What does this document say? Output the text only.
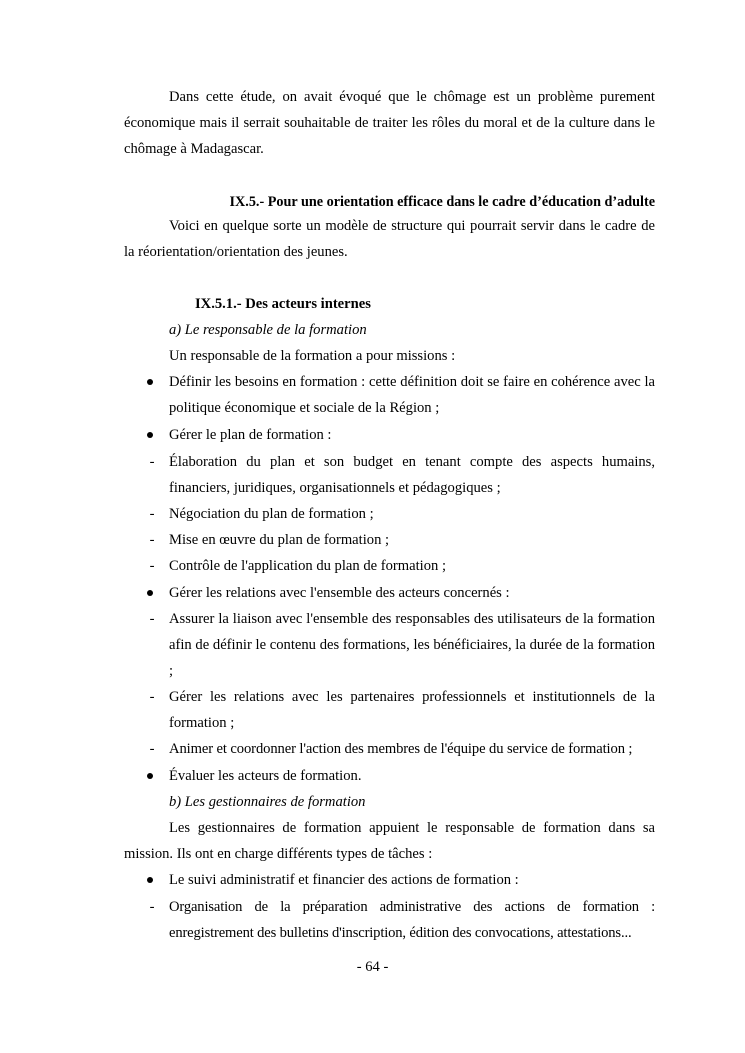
Dans cette étude, on avait évoqué que le chômage est un problème purement économique mais il serrait souhaitable de traiter les rôles du moral et de la culture dans le chômage à Madagascar.

IX.5.- Pour une orientation efficace dans le cadre d’éducation d’adulte

Voici en quelque sorte un modèle de structure qui pourrait servir dans le cadre de la réorientation/orientation des jeunes.

IX.5.1.- Des acteurs internes
a) Le responsable de la formation

Un responsable de la formation a pour missions :

Définir les besoins en formation : cette définition doit se faire en cohérence avec la politique économique et sociale de la Région ;
Gérer le plan de formation :
- Élaboration du plan et son budget en tenant compte des aspects humains, financiers, juridiques, organisationnels et pédagogiques ;
- Négociation du plan de formation ;
- Mise en œuvre du plan de formation ;
- Contrôle de l'application du plan de formation ;
Gérer les relations avec l'ensemble des acteurs concernés :
- Assurer la liaison avec l'ensemble des responsables des utilisateurs de la formation afin de définir le contenu des formations, les bénéficiaires, la durée de la formation ;
- Gérer les relations avec les partenaires professionnels et institutionnels de la formation ;
- Animer et coordonner l'action des membres de l'équipe du service de formation ;
Évaluer les acteurs de formation.
b) Les gestionnaires de formation

Les gestionnaires de formation appuient le responsable de formation dans sa mission. Ils ont en charge différents types de tâches :

Le suivi administratif et financier des actions de formation :
- Organisation de la préparation administrative des actions de formation : enregistrement des bulletins d'inscription, édition des convocations, attestations...
- 64 -
